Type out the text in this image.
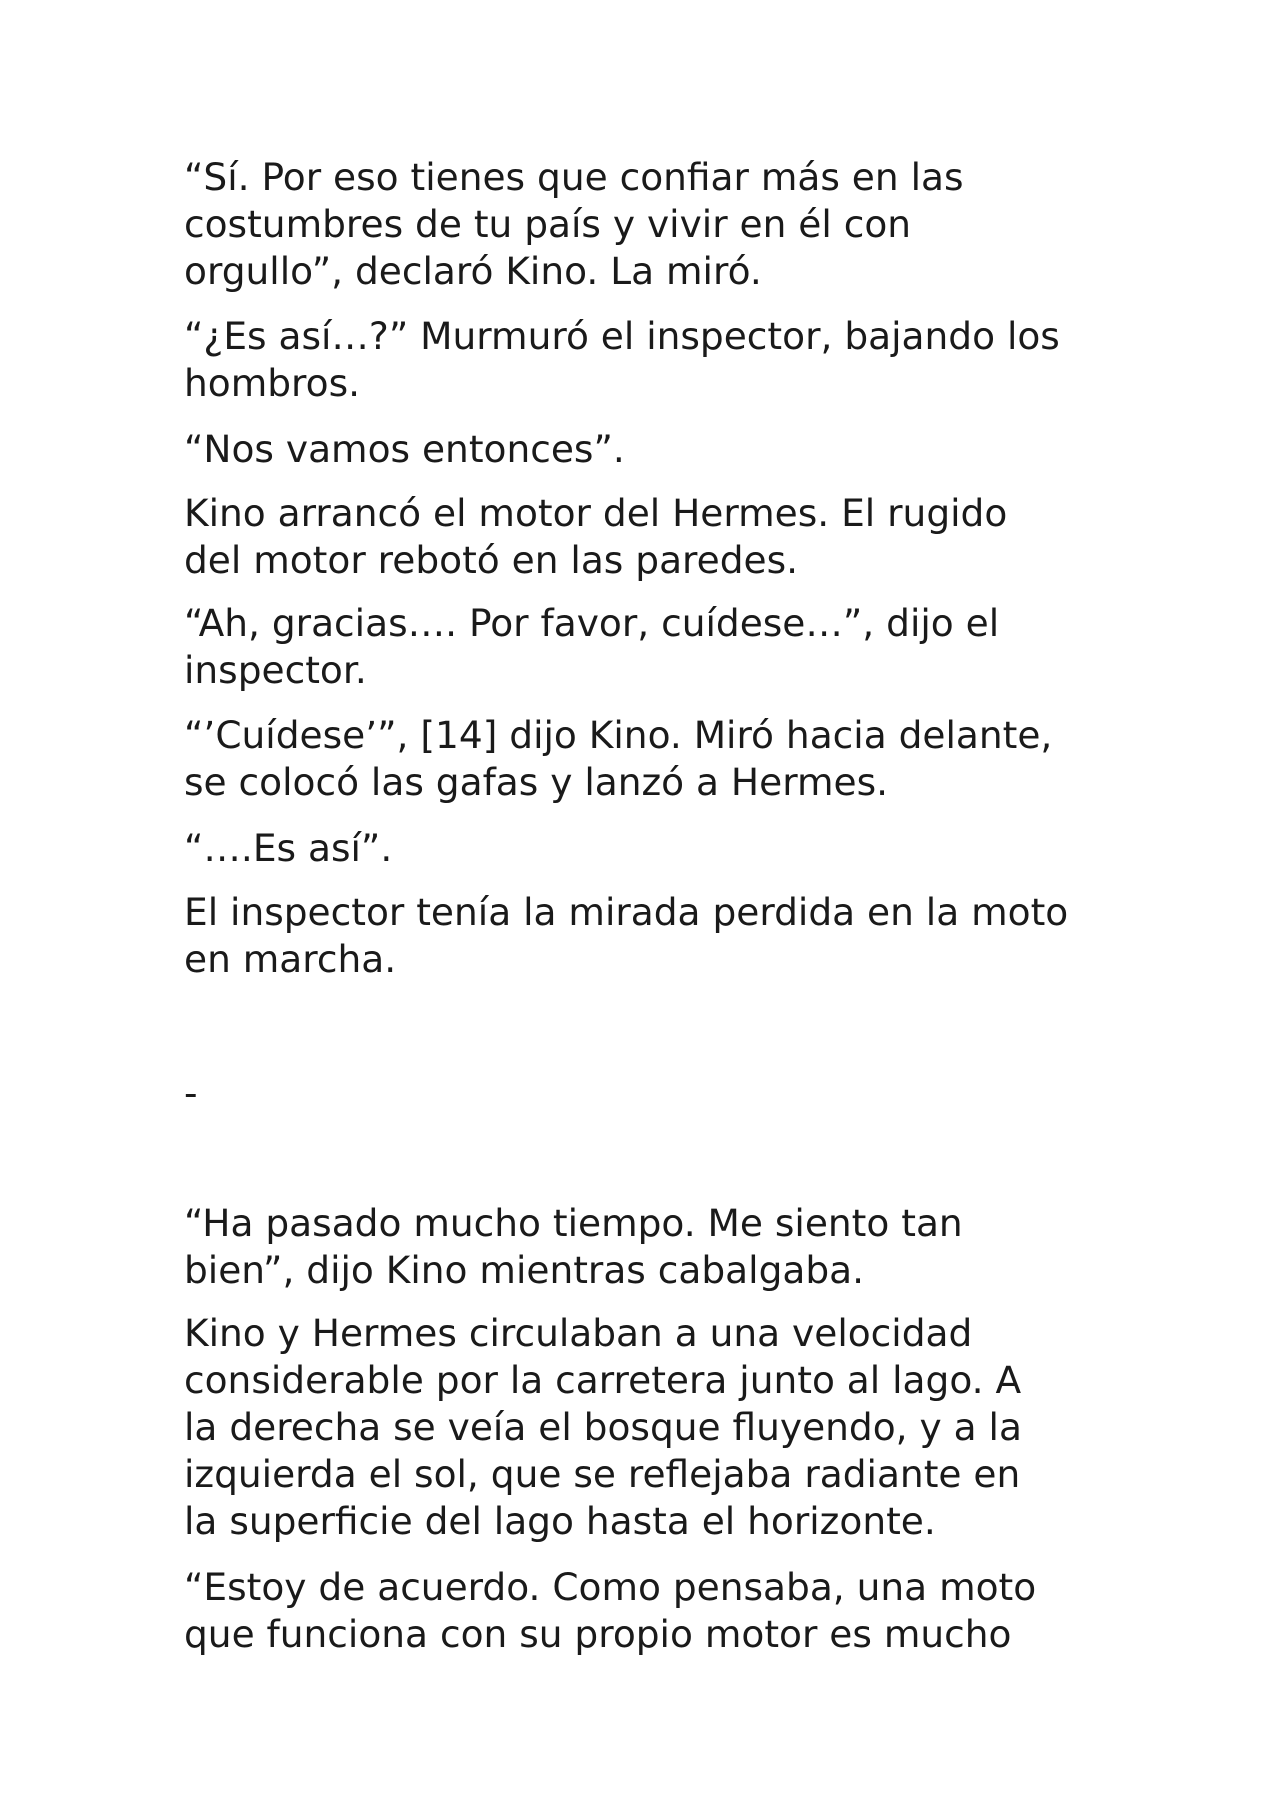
“Sí. Por eso tienes que confiar más en las
costumbres de tu país y vivir en él con
orgullo”, declaró Kino. La miró.

“¿Es así…?” Murmuró el inspector, bajando los
hombros.

“Nos vamos entonces”.

Kino arrancó el motor del Hermes. El rugido
del motor rebotó en las paredes.

“Ah, gracias…. Por favor, cuídese…”, dijo el
inspector.

“’Cuídese’”, [14] dijo Kino. Miró hacia delante,
se colocó las gafas y lanzó a Hermes.

“….Es así”.

El inspector tenía la mirada perdida en la moto
en marcha.

-

“Ha pasado mucho tiempo. Me siento tan
bien”, dijo Kino mientras cabalgaba.

Kino y Hermes circulaban a una velocidad
considerable por la carretera junto al lago. A
la derecha se veía el bosque fluyendo, y a la
izquierda el sol, que se reflejaba radiante en
la superficie del lago hasta el horizonte.

“Estoy de acuerdo. Como pensaba, una moto
que funciona con su propio motor es mucho
